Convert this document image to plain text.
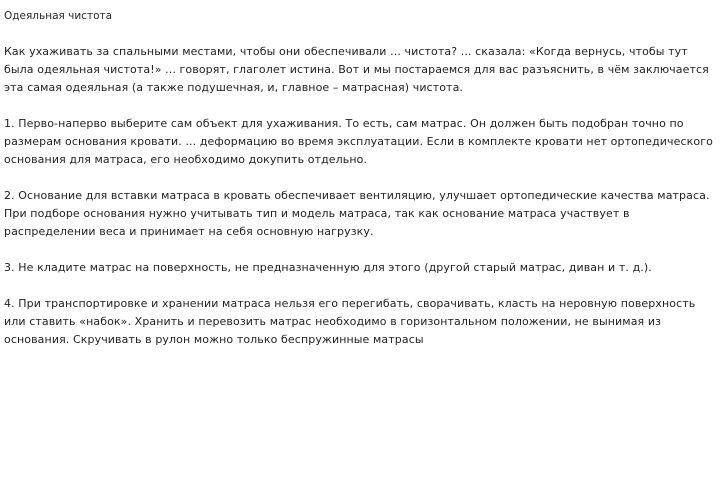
Одеяльная чистота

Как ухаживать за спальными местами, чтобы они обеспечивали ... чистота? ... сказала: «Когда вернусь, чтобы тут была одеяльная чистота!» ... говорят, глаголет истина. Вот и мы постараемся для вас разъяснить, в чём заключается эта самая одеяльная (а также подушечная, и, главное – матрасная) чистота.

1. Перво-наперво выберите сам объект для ухаживания. То есть, сам матрас. Он должен быть подобран точно по размерам основания кровати. ... деформацию во время эксплуатации. Если в комплекте кровати нет ортопедического основания для матраса, его необходимо докупить отдельно.

2. Основание для вставки матраса в кровать обеспечивает вентиляцию, улучшает ортопедические качества матраса. При подборе основания нужно учитывать тип и модель матраса, так как основание матраса участвует в распределении веса и принимает на себя основную нагрузку.

3. Не кладите матрас на поверхность, не предназначенную для этого (другой старый матрас, диван и т. д.).

4. При транспортировке и хранении матраса нельзя его перегибать, сворачивать, класть на неровную поверхность или ставить «набок». Хранить и перевозить матрас необходимо в горизонтальном положении, не вынимая из основания. Скручивать в рулон можно только беспружинные матрасы
